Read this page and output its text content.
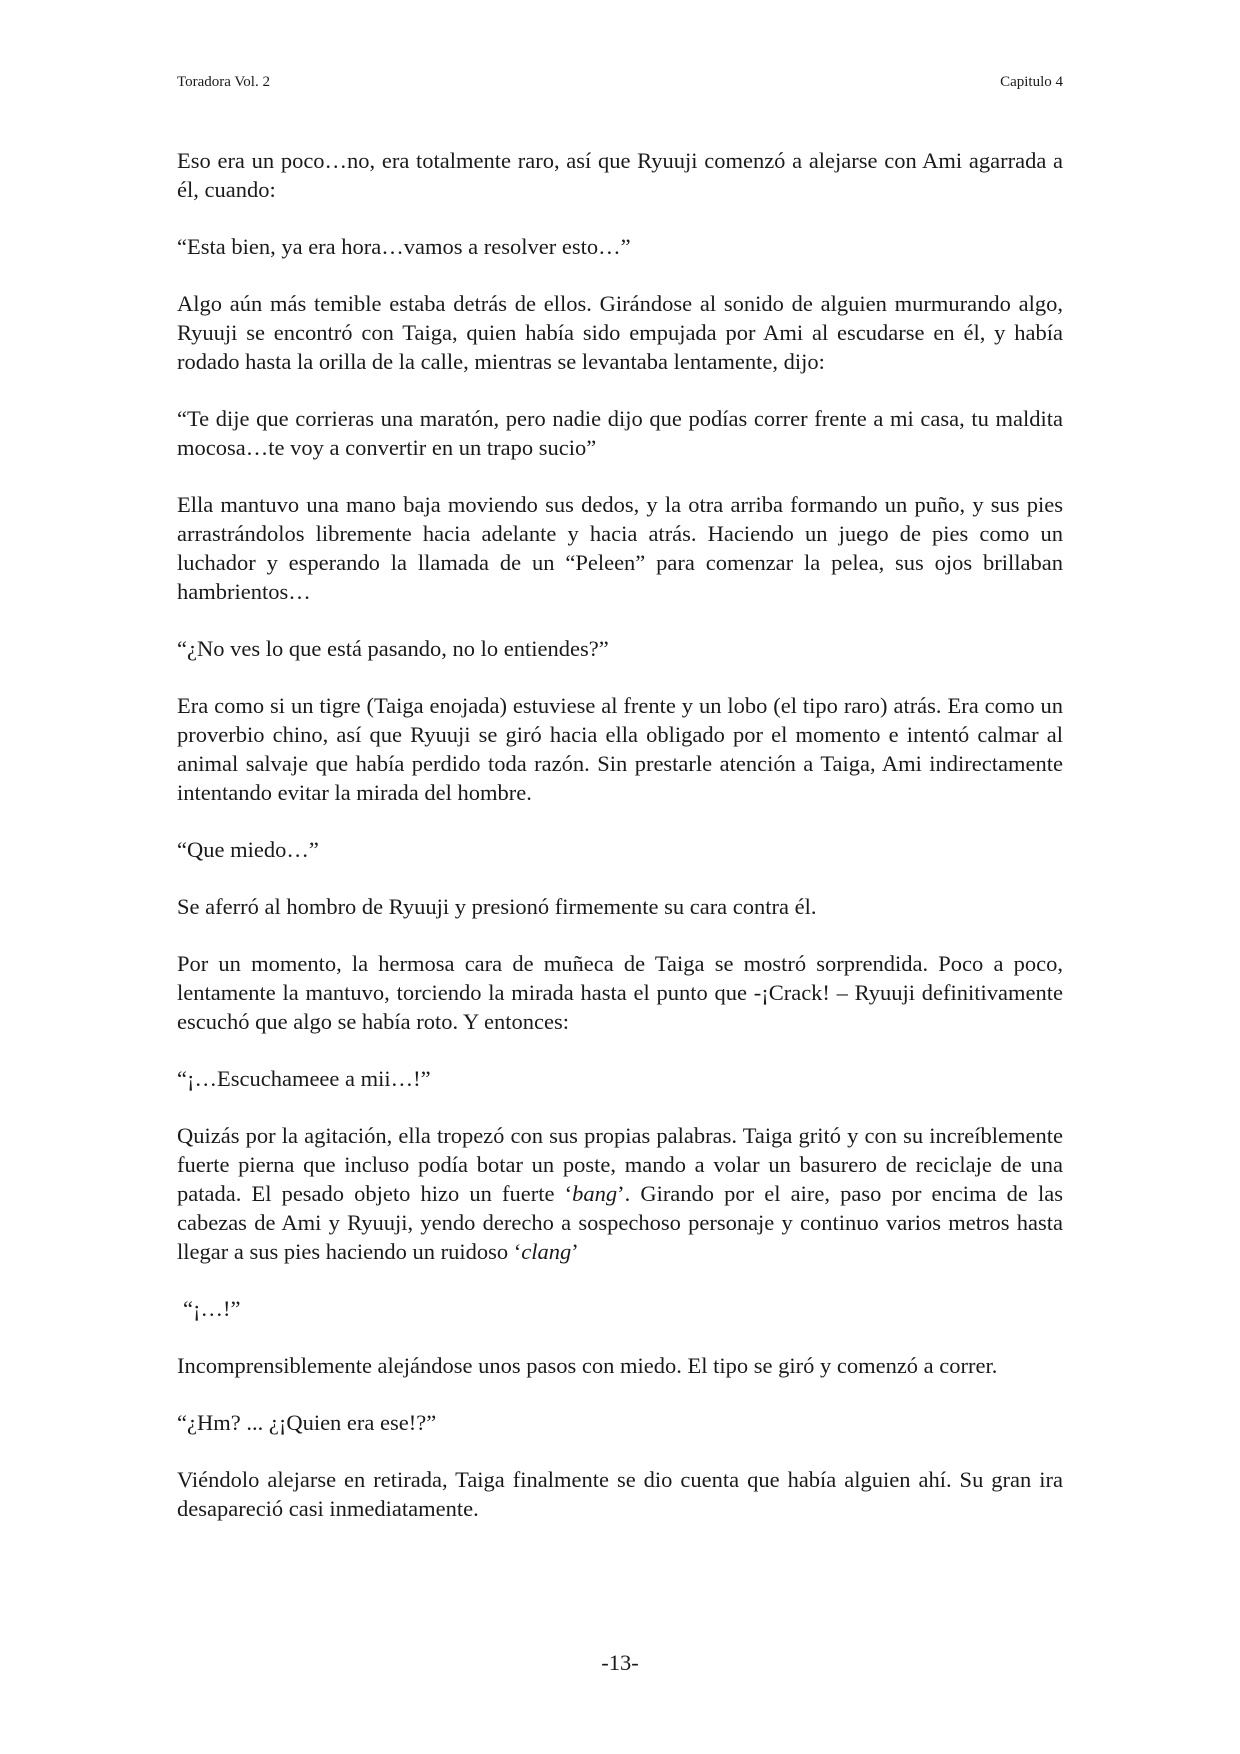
Toradora Vol. 2	Capitulo 4

Eso era un poco…no, era totalmente raro, así que Ryuuji comenzó a alejarse con Ami agarrada a él, cuando:

“Esta bien, ya era hora…vamos a resolver esto…”

Algo aún más temible estaba detrás de ellos. Girándose al sonido de alguien murmurando algo, Ryuuji se encontró con Taiga, quien había sido empujada por Ami al escudarse en él, y había rodado hasta la orilla de la calle, mientras se levantaba lentamente, dijo:

“Te dije que corrieras una maratón, pero nadie dijo que podías correr frente a mi casa, tu maldita mocosa…te voy a convertir en un trapo sucio”

Ella mantuvo una mano baja moviendo sus dedos, y la otra arriba formando un puño, y sus pies arrastrándolos libremente hacia adelante y hacia atrás. Haciendo un juego de pies como un luchador y esperando la llamada de un “Peleen” para comenzar la pelea, sus ojos brillaban hambrientos…

“¿No ves lo que está pasando, no lo entiendes?”

Era como si un tigre (Taiga enojada) estuviese al frente y un lobo (el tipo raro) atrás. Era como un proverbio chino, así que Ryuuji se giró hacia ella obligado por el momento e intentó calmar al animal salvaje que había perdido toda razón. Sin prestarle atención a Taiga, Ami indirectamente intentando evitar la mirada del hombre.

“Que miedo…”

Se aferró al hombro de Ryuuji y presionó firmemente su cara contra él.

Por un momento, la hermosa cara de muñeca de Taiga se mostró sorprendida. Poco a poco, lentamente la mantuvo, torciendo la mirada hasta el punto que -¡Crack! – Ryuuji definitivamente escuchó que algo se había roto. Y entonces:

“¡…Escuchameee a mii…!”

Quizás por la agitación, ella tropezó con sus propias palabras. Taiga gritó y con su increíblemente fuerte pierna que incluso podía botar un poste, mando a volar un basurero de reciclaje de una patada. El pesado objeto hizo un fuerte ‘bang’. Girando por el aire, paso por encima de las cabezas de Ami y Ryuuji, yendo derecho a sospechoso personaje y continuo varios metros hasta llegar a sus pies haciendo un ruidoso ‘clang’

“¡…!”

Incomprensiblemente alejándose unos pasos con miedo. El tipo se giró y comenzó a correr.

“¿Hm? ... ¿¡Quien era ese!?”

Viéndolo alejarse en retirada, Taiga finalmente se dio cuenta que había alguien ahí. Su gran ira desapareció casi inmediatamente.

-13-
